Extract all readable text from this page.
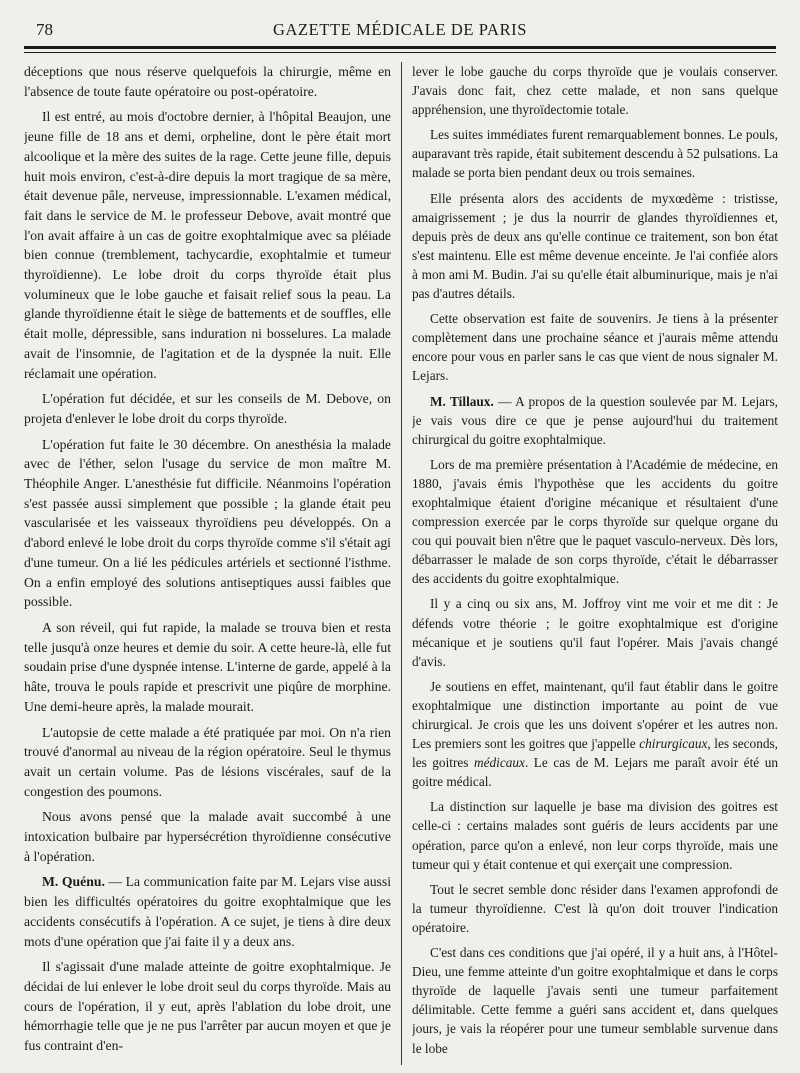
78	GAZETTE MÉDICALE DE PARIS

déceptions que nous réserve quelquefois la chirurgie, même en l'absence de toute faute opératoire ou post-opératoire.

Il est entré, au mois d'octobre dernier, à l'hôpital Beaujon, une jeune fille de 18 ans et demi, orpheline, dont le père était mort alcoolique et la mère des suites de la rage. Cette jeune fille, depuis huit mois environ, c'est-à-dire depuis la mort tragique de sa mère, était devenue pâle, nerveuse, impressionnable. L'examen médical, fait dans le service de M. le professeur Debove, avait montré que l'on avait affaire à un cas de goitre exophtalmique avec sa pléiade bien connue (tremblement, tachycardie, exophtalmie et tumeur thyroïdienne). Le lobe droit du corps thyroïde était plus volumineux que le lobe gauche et faisait relief sous la peau. La glande thyroïdienne était le siège de battements et de souffles, elle était molle, dépressible, sans induration ni bosselures. La malade avait de l'insomnie, de l'agitation et de la dyspnée la nuit. Elle réclamait une opération.

L'opération fut décidée, et sur les conseils de M. Debove, on projeta d'enlever le lobe droit du corps thyroïde.

L'opération fut faite le 30 décembre. On anesthésia la malade avec de l'éther, selon l'usage du service de mon maître M. Théophile Anger. L'anesthésie fut difficile. Néanmoins l'opération s'est passée aussi simplement que possible ; la glande était peu vascularisée et les vaisseaux thyroïdiens peu développés. On a d'abord enlevé le lobe droit du corps thyroïde comme s'il s'était agi d'une tumeur. On a lié les pédicules artériels et sectionné l'isthme. On a enfin employé des solutions antiseptiques aussi faibles que possible.

A son réveil, qui fut rapide, la malade se trouva bien et resta telle jusqu'à onze heures et demie du soir. A cette heure-là, elle fut soudain prise d'une dyspnée intense. L'interne de garde, appelé à la hâte, trouva le pouls rapide et prescrivit une piqûre de morphine. Une demi-heure après, la malade mourait.

L'autopsie de cette malade a été pratiquée par moi. On n'a rien trouvé d'anormal au niveau de la région opératoire. Seul le thymus avait un certain volume. Pas de lésions viscérales, sauf de la congestion des poumons.

Nous avons pensé que la malade avait succombé à une intoxication bulbaire par hypersécrétion thyroïdienne consécutive à l'opération.

M. Quénu. — La communication faite par M. Lejars vise aussi bien les difficultés opératoires du goitre exophtalmique que les accidents consécutifs à l'opération. A ce sujet, je tiens à dire deux mots d'une opération que j'ai faite il y a deux ans.

Il s'agissait d'une malade atteinte de goitre exophtalmique. Je décidai de lui enlever le lobe droit seul du corps thyroïde. Mais au cours de l'opération, il y eut, après l'ablation du lobe droit, une hémorrhagie telle que je ne pus l'arrêter par aucun moyen et que je fus contraint d'en-

lever le lobe gauche du corps thyroïde que je voulais conserver. J'avais donc fait, chez cette malade, et non sans quelque appréhension, une thyroïdectomie totale.

Les suites immédiates furent remarquablement bonnes. Le pouls, auparavant très rapide, était subitement descendu à 52 pulsations. La malade se porta bien pendant deux ou trois semaines.

Elle présenta alors des accidents de myxœdème : tristisse, amaigrissement ; je dus la nourrir de glandes thyroïdiennes et, depuis près de deux ans qu'elle continue ce traitement, son bon état s'est maintenu. Elle est même devenue enceinte. Je l'ai confiée alors à mon ami M. Budin. J'ai su qu'elle était albuminurique, mais je n'ai pas d'autres détails.

Cette observation est faite de souvenirs. Je tiens à la présenter complètement dans une prochaine séance et j'aurais même attendu encore pour vous en parler sans le cas que vient de nous signaler M. Lejars.

M. Tillaux. — A propos de la question soulevée par M. Lejars, je vais vous dire ce que je pense aujourd'hui du traitement chirurgical du goitre exophtalmique.

Lors de ma première présentation à l'Académie de médecine, en 1880, j'avais émis l'hypothèse que les accidents du goitre exophtalmique étaient d'origine mécanique et résultaient d'une compression exercée par le corps thyroïde sur quelque organe du cou qui pouvait bien n'être que le paquet vasculo-nerveux. Dès lors, débarrasser le malade de son corps thyroïde, c'était le débarrasser des accidents du goitre exophtalmique.

Il y a cinq ou six ans, M. Joffroy vint me voir et me dit : Je défends votre théorie ; le goitre exophtalmique est d'origine mécanique et je soutiens qu'il faut l'opérer. Mais j'avais changé d'avis.

Je soutiens en effet, maintenant, qu'il faut établir dans le goitre exophtalmique une distinction importante au point de vue chirurgical. Je crois que les uns doivent s'opérer et les autres non. Les premiers sont les goitres que j'appelle chirurgicaux, les seconds, les goitres médicaux. Le cas de M. Lejars me paraît avoir été un goitre médical.

La distinction sur laquelle je base ma division des goitres est celle-ci : certains malades sont guéris de leurs accidents par une opération, parce qu'on a enlevé, non leur corps thyroïde, mais une tumeur qui y était contenue et qui exerçait une compression.

Tout le secret semble donc résider dans l'examen approfondi de la tumeur thyroïdienne. C'est là qu'on doit trouver l'indication opératoire.

C'est dans ces conditions que j'ai opéré, il y a huit ans, à l'Hôtel-Dieu, une femme atteinte d'un goitre exophtalmique et dans le corps thyroïde de laquelle j'avais senti une tumeur parfaitement délimitable. Cette femme a guéri sans accident et, dans quelques jours, je vais la réopérer pour une tumeur semblable survenue dans le lobe
